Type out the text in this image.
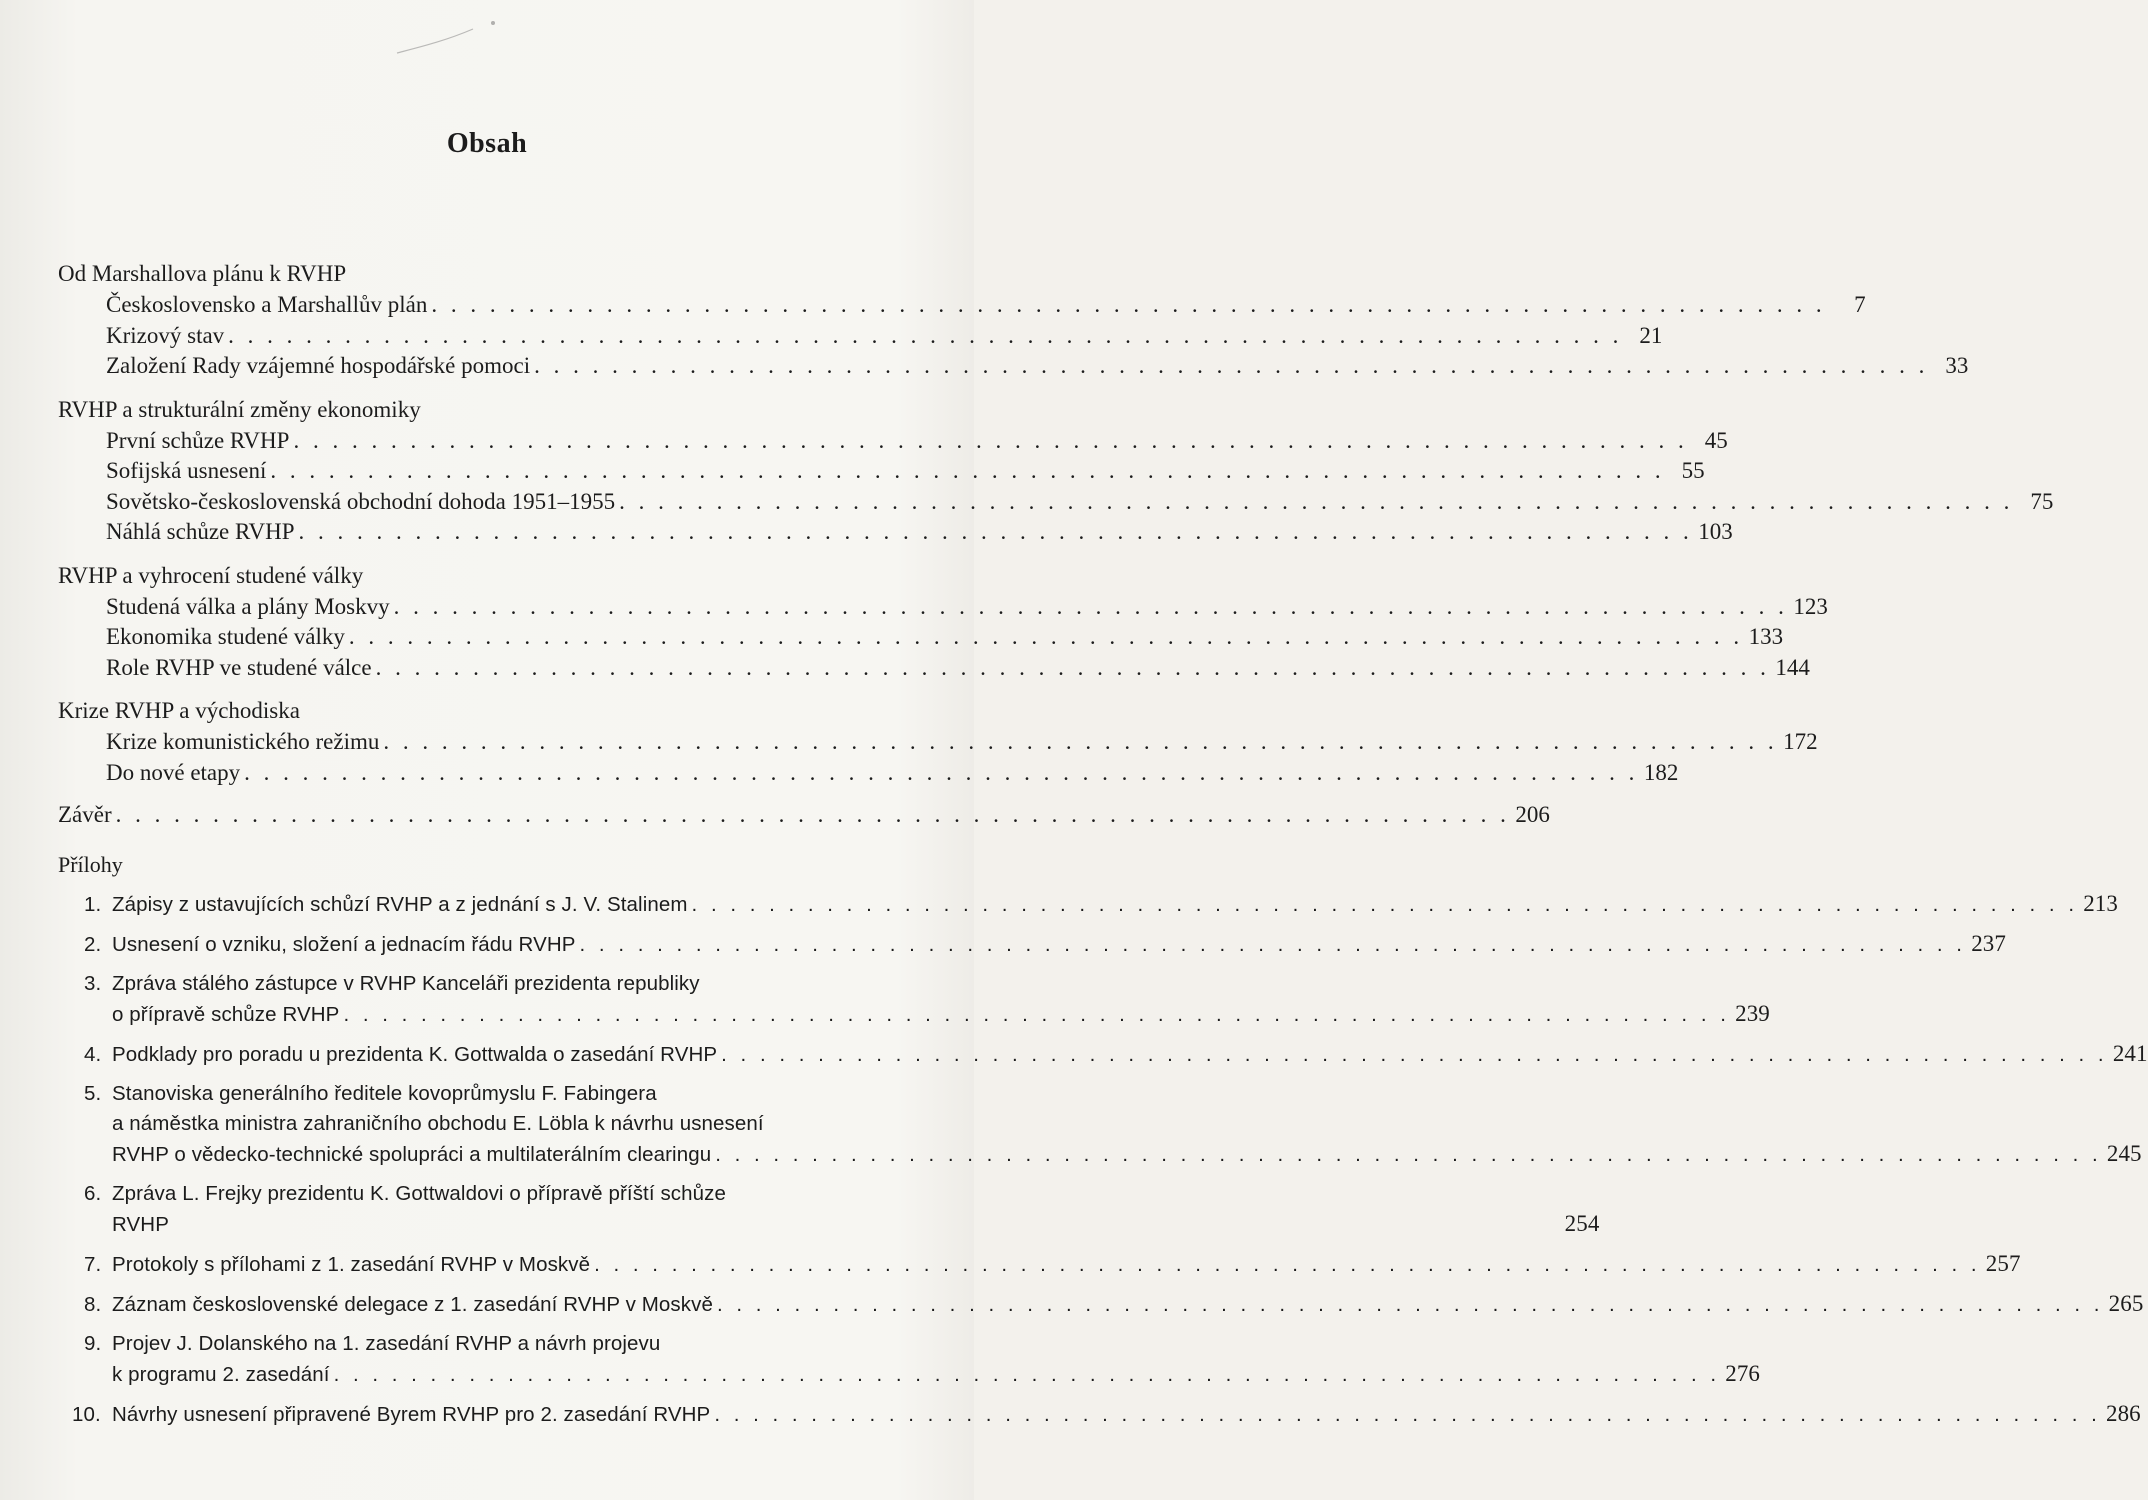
Obsah
Od Marshallova plánu k RVHP
Československo a Marshallův plán . . .	7
Krizový stav . . .	21
Založení Rady vzájemné hospodářské pomoci . . .	33
RVHP a strukturální změny ekonomiky
První schůze RVHP . . .	45
Sofijská usnesení . . .	55
Sovětsko-československá obchodní dohoda 1951–1955 . . .	75
Náhlá schůze RVHP . . .	103
RVHP a vyhrocení studené války
Studená válka a plány Moskvy . . .	123
Ekonomika studené války . . .	133
Role RVHP ve studené válce . . .	144
Krize RVHP a východiska
Krize komunistického režimu . . .	172
Do nové etapy . . .	182
Závěr . . .	206
Přílohy
1. Zápisy z ustavujících schůzí RVHP a z jednání s J. V. Stalinem . . .	213
2. Usnesení o vzniku, složení a jednacím řádu RVHP . . .	237
3. Zpráva stálého zástupce v RVHP Kanceláři prezidenta republiky
o přípravě schůze RVHP . . .	239
4. Podklady pro poradu u prezidenta K. Gottwalda o zasedání RVHP . . .	241
5. Stanoviska generálního ředitele kovoprůmyslu F. Fabingera
a náměstka ministra zahraničního obchodu E. Löbla k návrhu usnesení
RVHP o vědecko-technické spolupráci a multilaterálním clearingu . . .	245
6. Zpráva L. Frejky prezidentu K. Gottwaldovi o přípravě příští schůze
RVHP	254
7. Protokoly s přílohami z 1. zasedání RVHP v Moskvě . . .	257
8. Záznam československé delegace z 1. zasedání RVHP v Moskvě . . .	265
9. Projev J. Dolanského na 1. zasedání RVHP a návrh projevu
k programu 2. zasedání . . .	276
10. Návrhy usnesení připravené Byrem RVHP pro 2. zasedání RVHP . . .	286
